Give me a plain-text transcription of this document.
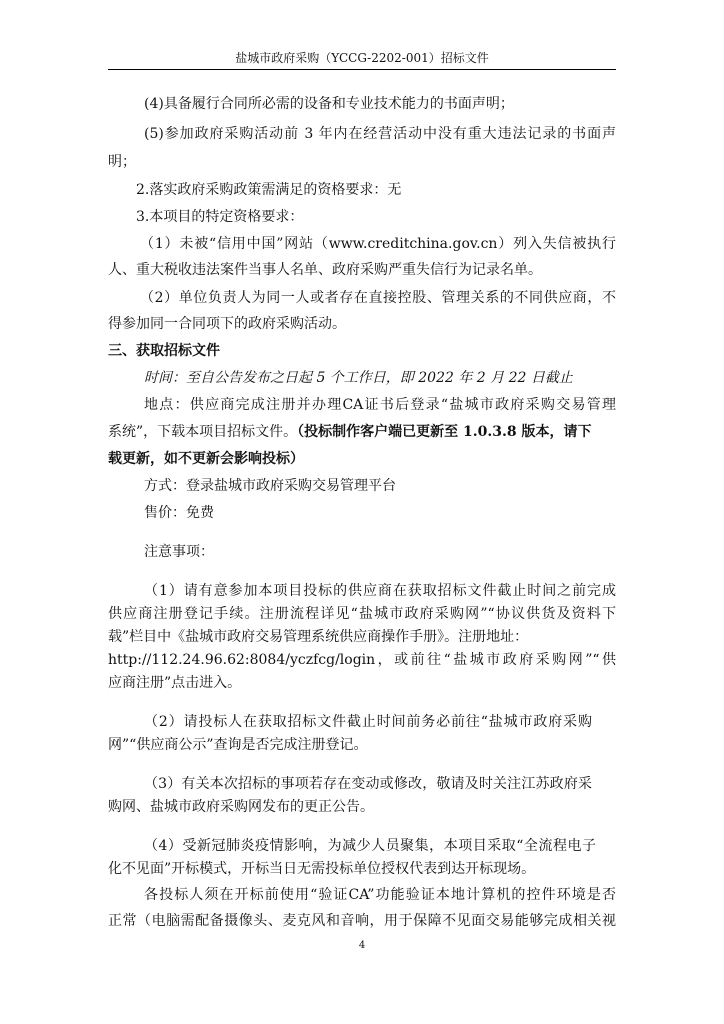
盐城市政府采购（YCCG-2202-001）招标文件
(4)具备履行合同所必需的设备和专业技术能力的书面声明；
(5)参加政府采购活动前 3 年内在经营活动中没有重大违法记录的书面声
明；
2.落实政府采购政策需满足的资格要求：无
3.本项目的特定资格要求：
（1）未被“信用中国”网站（www.creditchina.gov.cn）列入失信被执行
人、重大税收违法案件当事人名单、政府采购严重失信行为记录名单。
（2）单位负责人为同一人或者存在直接控股、管理关系的不同供应商，不
得参加同一合同项下的政府采购活动。
三、获取招标文件
时间：至自公告发布之日起 5 个工作日，即 2022 年 2 月 22 日截止
地点：供应商完成注册并办理CA证书后登录“盐城市政府采购交易管理
系统”，下载本项目招标文件。（投标制作客户端已更新至 1.0.3.8 版本，请下
载更新，如不更新会影响投标）
方式：登录盐城市政府采购交易管理平台
售价：免费
注意事项：
（1）请有意参加本项目投标的供应商在获取招标文件截止时间之前完成
供应商注册登记手续。注册流程详见“盐城市政府采购网”“协议供货及资料下
载”栏目中《盐城市政府交易管理系统供应商操作手册》。注册地址：
http://112.24.96.62:8084/yczfcg/login，或前往“盐城市政府采购网”“供
应商注册”点击进入。
（2）请投标人在获取招标文件截止时间前务必前往“盐城市政府采购
网”“供应商公示”查询是否完成注册登记。
（3）有关本次招标的事项若存在变动或修改，敬请及时关注江苏政府采
购网、盐城市政府采购网发布的更正公告。
（4）受新冠肺炎疫情影响，为减少人员聚集，本项目采取“全流程电子
化不见面”开标模式，开标当日无需投标单位授权代表到达开标现场。
各投标人须在开标前使用“验证CA”功能验证本地计算机的控件环境是否
正常（电脑需配备摄像头、麦克风和音响，用于保障不见面交易能够完成相关视
4
